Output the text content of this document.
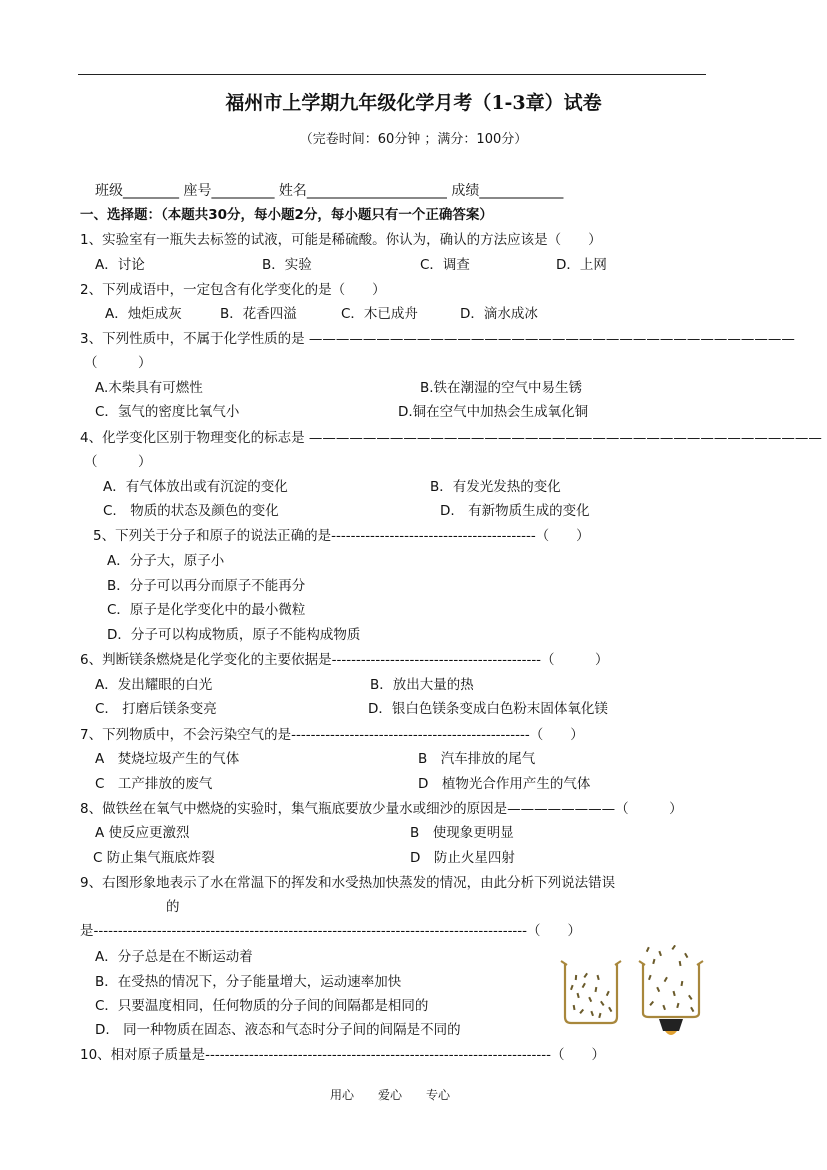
福州市上学期九年级化学月考（1-3章）试卷
（完卷时间：60分钟 ；满分：100分）
班级________ 座号_________ 姓名____________________ 成绩____________
一、选择题：（本题共30分，每小题2分，每小题只有一个正确答案）
1、实验室有一瓶失去标签的试液，可能是稀硫酸。你认为，确认的方法应该是（　　）
A．讨论	B．实验	C．调查	D．上网
2、下列成语中，一定包含有化学变化的是（　　）
A．烛炬成灰	B．花香四溢	C．木已成舟	D．滴水成冰
3、下列性质中，不属于化学性质的是 ————————————————————————————————————
（　　　）
A.木柴具有可燃性	B.铁在潮湿的空气中易生锈
C．氢气的密度比氧气小	D.铜在空气中加热会生成氧化铜
4、化学变化区别于物理变化的标志是 ——————————————————————————————————————
（　　　）
A．有气体放出或有沉淀的变化	B．有发光发热的变化
C.　物质的状态及颜色的变化	D.　有新物质生成的变化
5、下列关于分子和原子的说法正确的是------------------------------------------（　　）
A．分子大，原子小
B．分子可以再分而原子不能再分
C．原子是化学变化中的最小微粒
D．分子可以构成物质，原子不能构成物质
6、判断镁条燃烧是化学变化的主要依据是-------------------------------------------（　　　）
A．发出耀眼的白光	B．放出大量的热
C.　打磨后镁条变亮	D．银白色镁条变成白色粉末固体氧化镁
7、下列物质中，不会污染空气的是-------------------------------------------------（　　）
A　焚烧垃圾产生的气体	B　汽车排放的尾气
C　工产排放的废气	D　植物光合作用产生的气体
8、做铁丝在氧气中燃烧的实验时，集气瓶底要放少量水或细沙的原因是————————（　　　）
A 使反应更激烈	B　使现象更明显
C 防止集气瓶底炸裂	D　防止火星四射
9、右图形象地表示了水在常温下的挥发和水受热加快蒸发的情况，由此分析下列说法错误
的
是-----------------------------------------------------------------------------------------（　　）
A．分子总是在不断运动着
B．在受热的情况下，分子能量增大，运动速率加快
C．只要温度相同，任何物质的分子间的间隔都是相同的
D.　同一种物质在固态、液态和气态时分子间的间隔是不同的
10、相对原子质量是-----------------------------------------------------------------------（　　）
用心　　爱心　　专心
